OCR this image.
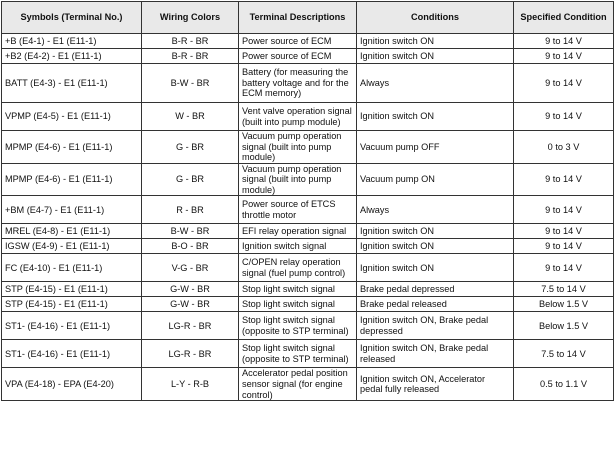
Symbols (Terminal No.)	Wiring Colors	Terminal Descriptions	Conditions	Specified Condition
+B (E4-1) - E1 (E11-1)	B-R - BR	Power source of ECM	Ignition switch ON	9 to 14 V
+B2 (E4-2) - E1 (E11-1)	B-R - BR	Power source of ECM	Ignition switch ON	9 to 14 V
BATT (E4-3) - E1 (E11-1)	B-W - BR	Battery (for measuring the battery voltage and for the ECM memory)	Always	9 to 14 V
VPMP (E4-5) - E1 (E11-1)	W - BR	Vent valve operation signal (built into pump module)	Ignition switch ON	9 to 14 V
MPMP (E4-6) - E1 (E11-1)	G - BR	Vacuum pump operation signal (built into pump module)	Vacuum pump OFF	0 to 3 V
MPMP (E4-6) - E1 (E11-1)	G - BR	Vacuum pump operation signal (built into pump module)	Vacuum pump ON	9 to 14 V
+BM (E4-7) - E1 (E11-1)	R - BR	Power source of ETCS throttle motor	Always	9 to 14 V
MREL (E4-8) - E1 (E11-1)	B-W - BR	EFI relay operation signal	Ignition switch ON	9 to 14 V
IGSW (E4-9) - E1 (E11-1)	B-O - BR	Ignition switch signal	Ignition switch ON	9 to 14 V
FC (E4-10) - E1 (E11-1)	V-G - BR	C/OPEN relay operation signal (fuel pump control)	Ignition switch ON	9 to 14 V
STP (E4-15) - E1 (E11-1)	G-W - BR	Stop light switch signal	Brake pedal depressed	7.5 to 14 V
STP (E4-15) - E1 (E11-1)	G-W - BR	Stop light switch signal	Brake pedal released	Below 1.5 V
ST1- (E4-16) - E1 (E11-1)	LG-R - BR	Stop light switch signal (opposite to STP terminal)	Ignition switch ON, Brake pedal depressed	Below 1.5 V
ST1- (E4-16) - E1 (E11-1)	LG-R - BR	Stop light switch signal (opposite to STP terminal)	Ignition switch ON, Brake pedal released	7.5 to 14 V
VPA (E4-18) - EPA (E4-20)	L-Y - R-B	Accelerator pedal position sensor signal (for engine control)	Ignition switch ON, Accelerator pedal fully released	0.5 to 1.1 V
